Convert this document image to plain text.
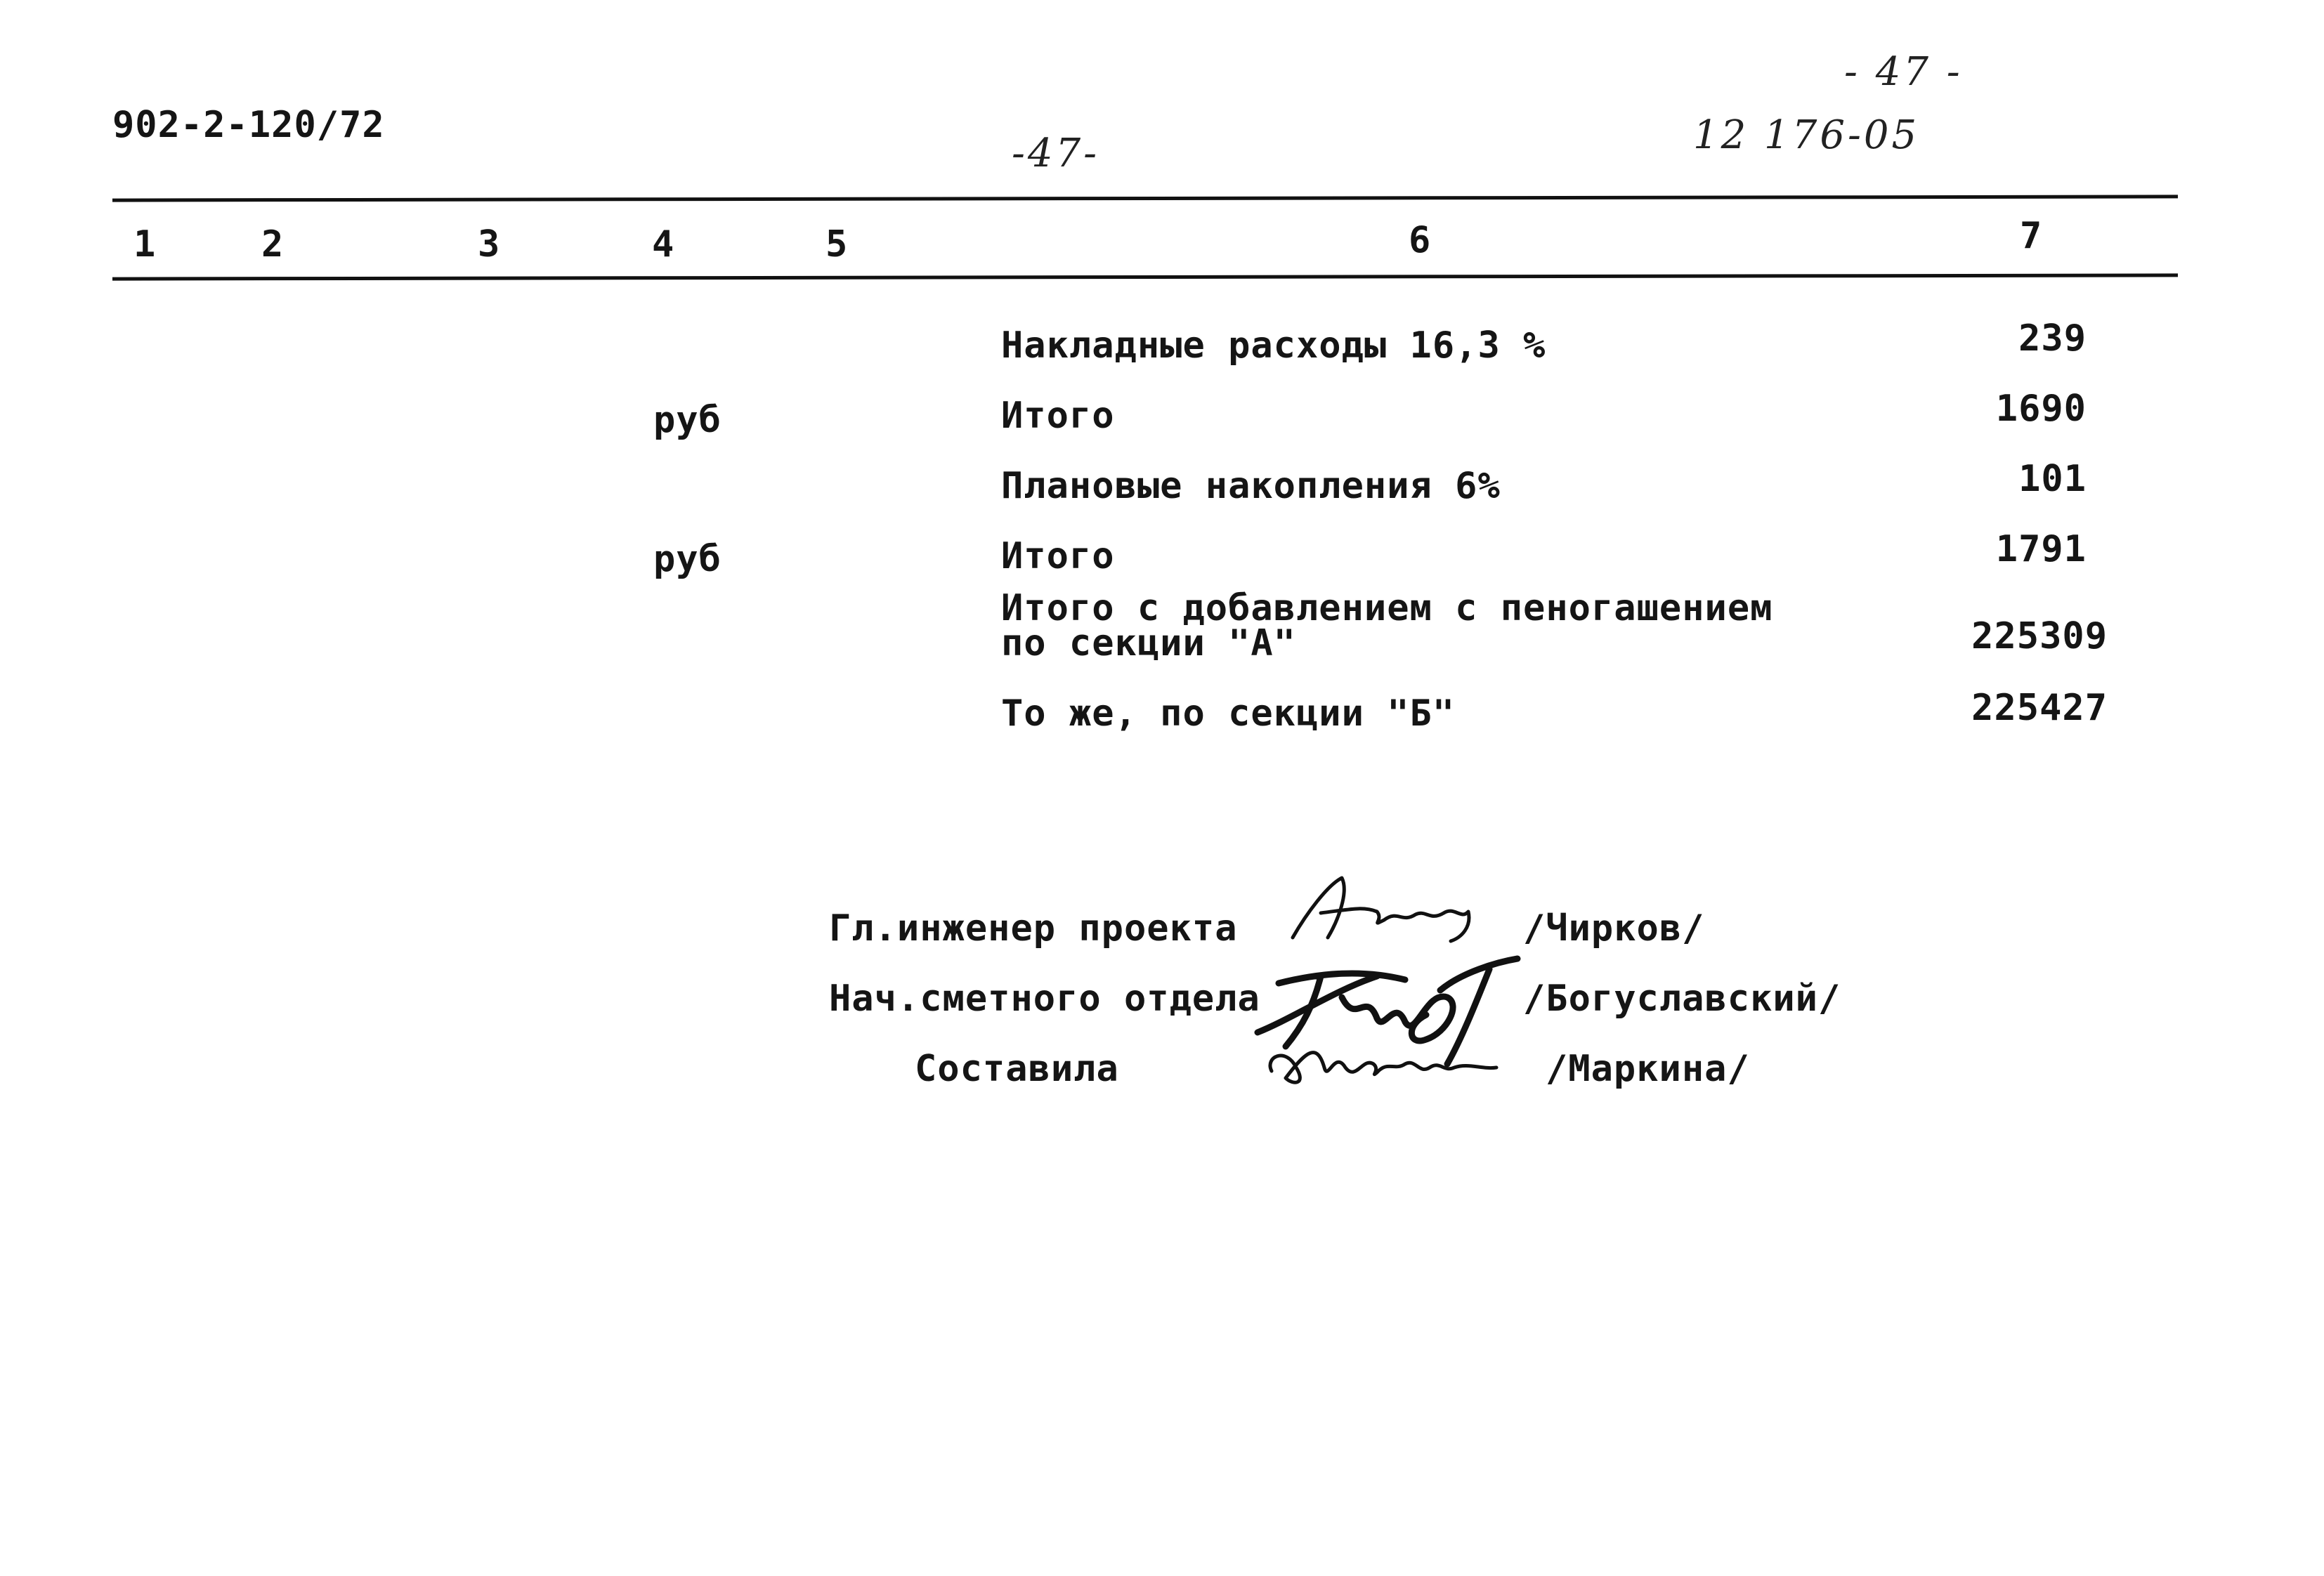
902-2-120/72
-47-
- 47 -
12 176-05
1	2	3	4	5	6	7
Накладные расходы 16,3 %	239
руб	Итого	1690
Плановые накопления 6%	101
руб	Итого	1791
Итого с добавлением с пеногашением
по секции "А"	225309
То же, по секции "Б"	225427
Гл.инженер проекта	/Чирков/
Нач.сметного отдела	/Богуславский/
Составила	/Маркина/
